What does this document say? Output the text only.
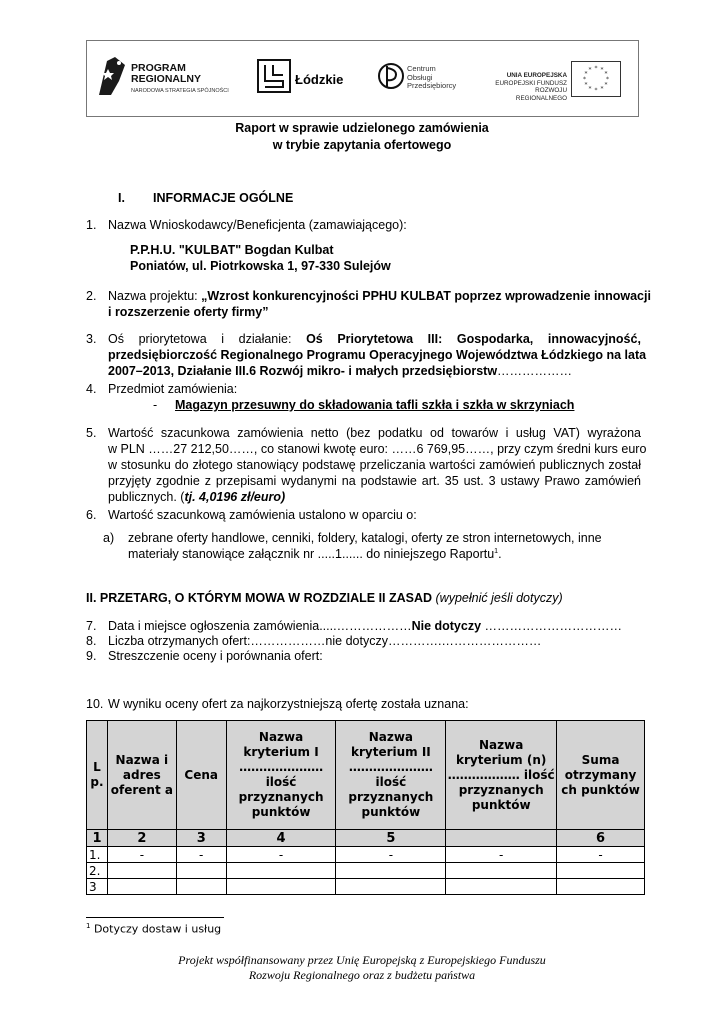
PROGRAM
REGIONALNY
NARODOWA STRATEGIA SPÓJNOŚCI
Łódzkie
Centrum
Obsługi
Przedsiębiorcy
UNIA EUROPEJSKA
EUROPEJSKI FUNDUSZ
ROZWOJU REGIONALNEGO
* *
*
*
*
*
*
*
*
*
*
*
Raport w sprawie udzielonego zamówienia
w trybie zapytania ofertowego
I. INFORMACJE OGÓLNE
1. Nazwa Wnioskodawcy/Beneficjenta (zamawiającego):
P.P.H.U. "KULBAT" Bogdan Kulbat
Poniatów, ul. Piotrkowska 1, 97-330 Sulejów
2. Nazwa projektu: „Wzrost konkurencyjności PPHU KULBAT poprzez wprowadzenie innowacji
i rozszerzenie oferty firmy”
3. Oś priorytetowa i działanie: Oś Priorytetowa III: Gospodarka, innowacyjność,
przedsiębiorczość Regionalnego Programu Operacyjnego Województwa Łódzkiego na lata
2007–2013, Działanie III.6 Rozwój mikro- i małych przedsiębiorstw………………
4. Przedmiot zamówienia:
- Magazyn przesuwny do składowania tafli szkła i szkła w skrzyniach
5. Wartość szacunkowa zamówienia netto (bez podatku od towarów i usług VAT) wyrażona
w PLN ……27 212,50……, co stanowi kwotę euro: ……6 769,95……, przy czym średni kurs euro
w stosunku do złotego stanowiący podstawę przeliczania wartości zamówień publicznych został
przyjęty zgodnie z przepisami wydanymi na podstawie art. 35 ust. 3 ustawy Prawo zamówień
publicznych. (tj. 4,0196 zł/euro)
6. Wartość szacunkową zamówienia ustalono w oparciu o:
a) zebrane oferty handlowe, cenniki, foldery, katalogi, oferty ze stron internetowych, inne
materiały stanowiące załącznik nr .....1...... do niniejszego Raportu$^1$.
II. PRZETARG, O KTÓRYM MOWA W ROZDZIALE II ZASAD (wypełnić jeśli dotyczy)
7. Data i miejsce ogłoszenia zamówienia.....………………Nie dotyczy ……………………………
8. Liczba otrzymanych ofert:………………nie dotyczy………….……………………
9. Streszczenie oceny i porównania ofert:
10. W wyniku oceny ofert za najkorzystniejszą ofertę została uznana:
L p.	Nazwa i adres oferent a	Cena	Nazwa kryterium I ………………… ilość przyznanych punktów	Nazwa kryterium II ………………… ilość przyznanych punktów	Nazwa kryterium (n) ……………… ilość przyznanych punktów	Suma otrzymany ch punktów
1	2	3	4	5		6
1.	-	-	-	-	-	-
2.						
3						
$^1$ Dotyczy dostaw i usług
Projekt współfinansowany przez Unię Europejską z Europejskiego Funduszu
Rozwoju Regionalnego oraz z budżetu państwa
